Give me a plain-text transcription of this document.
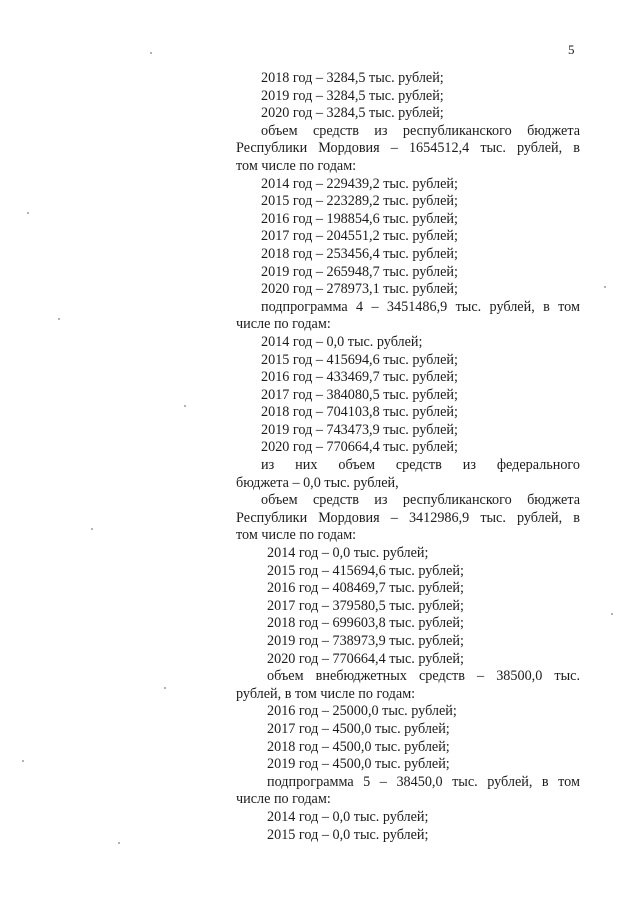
5
2018 год – 3284,5 тыс. рублей;
2019 год – 3284,5 тыс. рублей;
2020 год – 3284,5 тыс. рублей;
объем средств из республиканского бюджета
Республики Мордовия – 1654512,4 тыс. рублей, в
том числе по годам:
2014 год – 229439,2 тыс. рублей;
2015 год – 223289,2 тыс. рублей;
2016 год – 198854,6 тыс. рублей;
2017 год – 204551,2 тыс. рублей;
2018 год – 253456,4 тыс. рублей;
2019 год – 265948,7 тыс. рублей;
2020 год – 278973,1 тыс. рублей;
подпрограмма 4 – 3451486,9 тыс. рублей, в том
числе по годам:
2014 год – 0,0 тыс. рублей;
2015 год – 415694,6 тыс. рублей;
2016 год – 433469,7 тыс. рублей;
2017 год – 384080,5 тыс. рублей;
2018 год – 704103,8 тыс. рублей;
2019 год – 743473,9 тыс. рублей;
2020 год – 770664,4 тыс. рублей;
из них объем средств из федерального
бюджета – 0,0 тыс. рублей,
объем средств из республиканского бюджета
Республики Мордовия – 3412986,9 тыс. рублей, в
том числе по годам:
2014 год – 0,0 тыс. рублей;
2015 год – 415694,6 тыс. рублей;
2016 год – 408469,7 тыс. рублей;
2017 год – 379580,5 тыс. рублей;
2018 год – 699603,8 тыс. рублей;
2019 год – 738973,9 тыс. рублей;
2020 год – 770664,4 тыс. рублей;
объем внебюджетных средств – 38500,0 тыс.
рублей, в том числе по годам:
2016 год – 25000,0 тыс. рублей;
2017 год – 4500,0 тыс. рублей;
2018 год – 4500,0 тыс. рублей;
2019 год – 4500,0 тыс. рублей;
подпрограмма 5 – 38450,0 тыс. рублей, в том
числе по годам:
2014 год – 0,0 тыс. рублей;
2015 год – 0,0 тыс. рублей;
